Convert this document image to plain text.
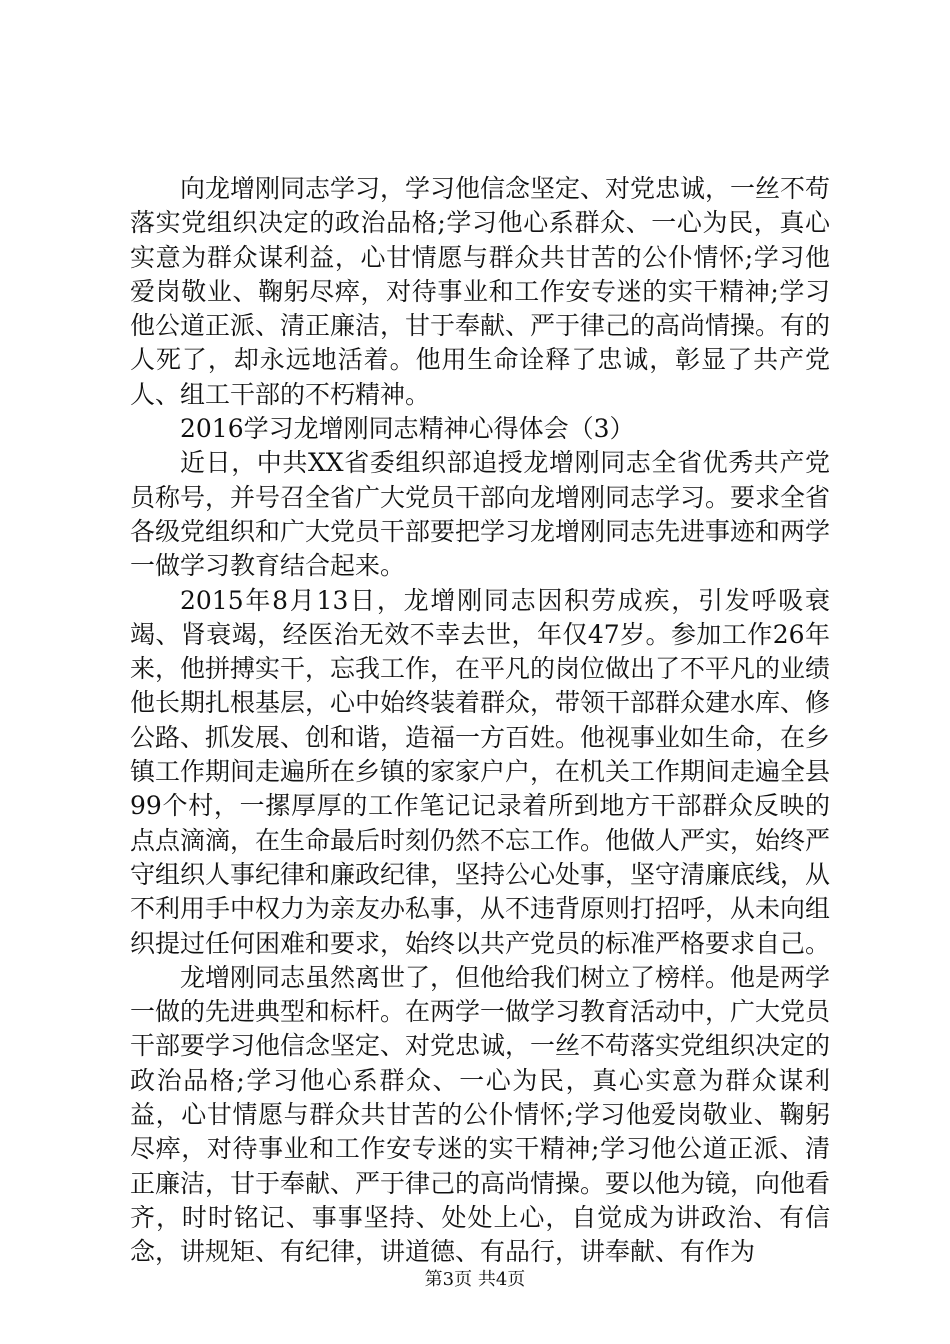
向龙增刚同志学习，学习他信念坚定、对党忠诚，一丝不苟落实党组织决定的政治品格;学习他心系群众、一心为民，真心实意为群众谋利益，心甘情愿与群众共甘苦的公仆情怀;学习他爱岗敬业、鞠躬尽瘁，对待事业和工作安专迷的实干精神;学习他公道正派、清正廉洁，甘于奉献、严于律己的高尚情操。有的人死了，却永远地活着。他用生命诠释了忠诚，彰显了共产党人、组工干部的不朽精神。

2016学习龙增刚同志精神心得体会（3）

近日，中共XX省委组织部追授龙增刚同志全省优秀共产党员称号，并号召全省广大党员干部向龙增刚同志学习。要求全省各级党组织和广大党员干部要把学习龙增刚同志先进事迹和两学一做学习教育结合起来。

2015年8月13日，龙增刚同志因积劳成疾，引发呼吸衰竭、肾衰竭，经医治无效不幸去世，年仅47岁。参加工作26年来，他拼搏实干，忘我工作，在平凡的岗位做出了不平凡的业绩他长期扎根基层，心中始终装着群众，带领干部群众建水库、修公路、抓发展、创和谐，造福一方百姓。他视事业如生命，在乡镇工作期间走遍所在乡镇的家家户户，在机关工作期间走遍全县99个村，一摞厚厚的工作笔记记录着所到地方干部群众反映的点点滴滴，在生命最后时刻仍然不忘工作。他做人严实，始终严守组织人事纪律和廉政纪律，坚持公心处事，坚守清廉底线，从不利用手中权力为亲友办私事，从不违背原则打招呼，从未向组织提过任何困难和要求，始终以共产党员的标准严格要求自己。

龙增刚同志虽然离世了，但他给我们树立了榜样。他是两学一做的先进典型和标杆。在两学一做学习教育活动中，广大党员干部要学习他信念坚定、对党忠诚，一丝不苟落实党组织决定的政治品格;学习他心系群众、一心为民，真心实意为群众谋利益，心甘情愿与群众共甘苦的公仆情怀;学习他爱岗敬业、鞠躬尽瘁，对待事业和工作安专迷的实干精神;学习他公道正派、清正廉洁，甘于奉献、严于律己的高尚情操。要以他为镜，向他看齐，时时铭记、事事坚持、处处上心，自觉成为讲政治、有信念，讲规矩、有纪律，讲道德、有品行，讲奉献、有作为

第3页 共4页
